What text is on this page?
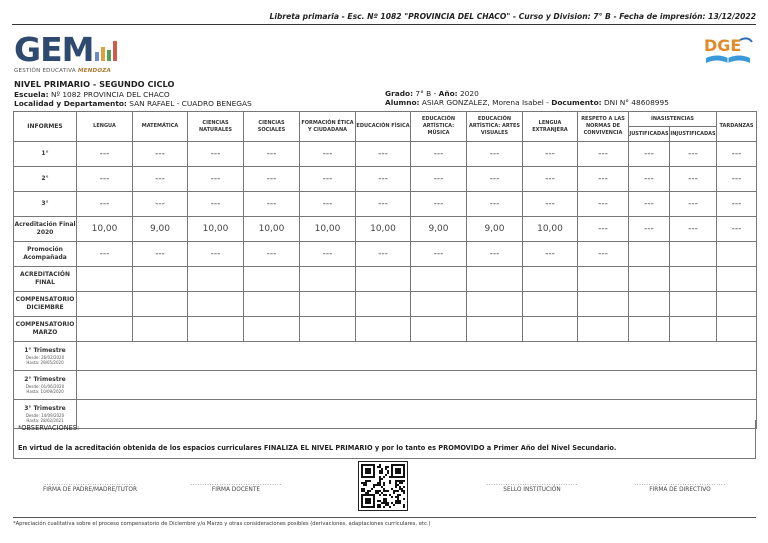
Libreta primaria - Esc. Nº 1082 "PROVINCIA DEL CHACO" - Curso y Division: 7° B - Fecha de impresión: 13/12/2022
GEM
GESTIÓN EDUCATIVA MENDOZA
DGE
NIVEL PRIMARIO - SEGUNDO CICLO
Escuela: Nº 1082 PROVINCIA DEL CHACO
Localidad y Departamento: SAN RAFAEL - CUADRO BENEGAS
Grado: 7° B - Año: 2020
Alumno: ASIAR GONZALEZ, Morena Isabel - Documento: DNI N° 48608995
INFORMES	LENGUA	MATEMÁTICA	CIENCIAS NATURALES	CIENCIAS SOCIALES	FORMACIÓN ÉTICA Y CIUDADANA	EDUCACIÓN FÍSICA	EDUCACIÓN ARTÍSTICA: MÚSICA	EDUCACIÓN ARTÍSTICA: ARTES VISUALES	LENGUA EXTRANJERA	RESPETO A LAS NORMAS DE CONVIVENCIA	INASISTENCIAS		TARDANZAS
											JUSTIFICADAS	INJUSTIFICADAS	
1°	---	---	---	---	---	---	---	---	---	---	---	---	---
2°	---	---	---	---	---	---	---	---	---	---	---	---	---
3°	---	---	---	---	---	---	---	---	---	---	---	---	---
Acreditación Final 2020	10,00	9,00	10,00	10,00	10,00	10,00	9,00	9,00	10,00	---	---	---	---
Promoción Acompañada	---	---	---	---	---	---	---	---	---	---			
ACREDITACIÓN FINAL													
COMPENSATORIO DICIEMBRE													
COMPENSATORIO MARZO													

1° Trimestre
Desde: 26/02/2020
Hasta: 29/05/2020													

2° Trimestre
Desde: 01/06/2020
Hasta: 10/09/2020													

3° Trimestre
Desde: 14/09/2020
Hasta: 28/02/2021													

*OBSERVACIONES:
En virtud de la acreditación obtenida de los espacios curriculares FINALIZA EL NIVEL PRIMARIO y por lo tanto es PROMOVIDO a Primer Año del Nivel Secundario.
......................................
FIRMA DE PADRE/MADRE/TUTOR
......................................
FIRMA DOCENTE
......................................
SELLO INSTITUCIÓN
......................................
FIRMA DE DIRECTIVO
*Apreciación cualitativa sobre el proceso compensatorio de Diciembre y/o Marzo y otras consideraciones posibles (derivaciones, adaptaciones curriculares, etc.)
